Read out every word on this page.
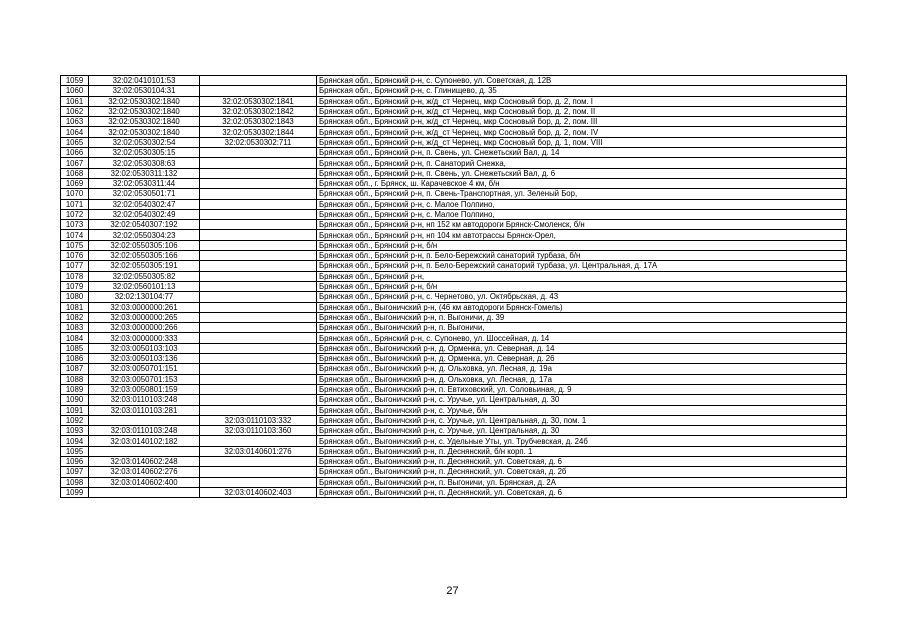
1059	32:02:0410101:53		Брянская обл., Брянский р-н, с. Супонево, ул. Советская, д. 12В
1060	32:02:0530104:31		Брянская обл., Брянский р-н, с. Глинищево, д. 35
1061	32:02:0530302:1840	32:02:0530302:1841	Брянская обл., Брянский р-н, ж/д_ст Чернец, мкр Сосновый бор, д. 2, пом. I
1062	32:02:0530302:1840	32:02:0530302:1842	Брянская обл., Брянский р-н, ж/д_ст Чернец, мкр Сосновый бор, д. 2, пом. II
1063	32:02:0530302:1840	32:02:0530302:1843	Брянская обл., Брянский р-н, ж/д_ст Чернец, мкр Сосновый бор, д. 2, пом. III
1064	32:02:0530302:1840	32:02:0530302:1844	Брянская обл., Брянский р-н, ж/д_ст Чернец, мкр Сосновый бор, д. 2, пом. IV
1065	32:02:0530302:54	32:02:0530302:711	Брянская обл., Брянский р-н, ж/д_ст Чернец, мкр Сосновый бор, д. 1, пом. VIII
1066	32:02:0530305:15		Брянская обл., Брянский р-н, п. Свень, ул. Снежетьский Вал, д. 14
1067	32:02:0530308:63		Брянская обл., Брянский р-н, п. Санаторий Снежка,
1068	32:02:0530311:132		Брянская обл., Брянский р-н, п. Свень, ул. Снежетьский Вал, д. 6
1069	32:02:0530311:44		Брянская обл., г. Брянск, ш. Карачевское 4 км, б/н
1070	32:02:0530501:71		Брянская обл., Брянский р-н, п. Свень-Транспортная, ул. Зеленый Бор,
1071	32:02:0540302:47		Брянская обл., Брянский р-н, с. Малое Полпино,
1072	32:02:0540302:49		Брянская обл., Брянский р-н, с. Малое Полпино,
1073	32:02:0540307:192		Брянская обл., Брянский р-н, нп 152 км автодороги Брянск-Смоленск, б/н
1074	32:02:0550304:23		Брянская обл., Брянский р-н, нп 104 км автотрассы Брянск-Орел,
1075	32:02:0550305:106		Брянская обл., Брянский р-н, б/н
1076	32:02:0550305:166		Брянская обл., Брянский р-н, п. Бело-Бережский санаторий турбаза, б/н
1077	32:02:0550305:191		Брянская обл., Брянский р-н, п. Бело-Бережский санаторий турбаза, ул. Центральная, д. 17А
1078	32:02:0550305:82		Брянская обл., Брянский р-н,
1079	32:02:0560101:13		Брянская обл., Брянский р-н, б/н
1080	32:02:130104:77		Брянская обл., Брянский р-н, с. Чернетово, ул. Октябрьская, д. 43
1081	32:03:0000000:261		Брянская обл., Выгоничский р-н, (46 км автодороги Брянск-Гомель)
1082	32:03:0000000:265		Брянская обл., Выгоничский р-н, п. Выгоничи, д. 39
1083	32:03:0000000:266		Брянская обл., Выгоничский р-н, п. Выгоничи,
1084	32:03:0000000:333		Брянская обл., Брянский р-н, с. Супонево, ул. Шоссейная, д. 14
1085	32:03:0050103:103		Брянская обл., Выгоничский р-н, д. Орменка, ул. Северная, д. 14
1086	32:03:0050103:136		Брянская обл., Выгоничский р-н, д. Орменка, ул. Северная, д. 26
1087	32:03:0050701:151		Брянская обл., Выгоничский р-н, д. Ольховка, ул. Лесная, д. 19а
1088	32:03:0050701:153		Брянская обл., Выгоничский р-н, д. Ольховка, ул. Лесная, д. 17а
1089	32:03:0050801:159		Брянская обл., Выгоничский р-н, п. Евтиховский, ул. Соловьиная, д. 9
1090	32:03:0110103:248		Брянская обл., Выгоничский р-н, с. Уручье, ул. Центральная, д. 30
1091	32:03:0110103:281		Брянская обл., Выгоничский р-н, с. Уручье, б/н
1092		32:03:0110103:332	Брянская обл., Выгоничский р-н, с. Уручье, ул. Центральная, д. 30, пом. 1
1093	32:03:0110103:248	32:03:0110103:360	Брянская обл., Выгоничский р-н, с. Уручье, ул. Центральная, д. 30
1094	32:03:0140102:182		Брянская обл., Выгоничский р-н, с. Удельные Уты, ул. Трубчевская, д. 24б
1095		32:03:0140601:276	Брянская обл., Выгоничский р-н, п. Деснянский, б/н корп. 1
1096	32:03:0140602:248		Брянская обл., Выгоничский р-н, п. Деснянский, ул. Советская, д. 6
1097	32:03:0140602:276		Брянская обл., Выгоничский р-н, п. Деснянский, ул. Советская, д. 2б
1098	32:03:0140602:400		Брянская обл., Выгоничский р-н, п. Выгоничи, ул. Брянская, д. 2А
1099		32:03:0140602:403	Брянская обл., Выгоничский р-н, п. Деснянский, ул. Советская, д. 6
27
